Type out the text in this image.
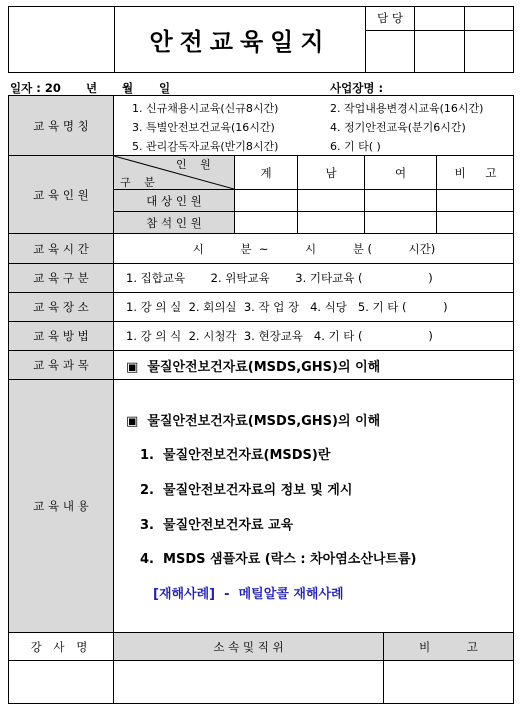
안전교육일지
담 당
일자 : 20 년 월 일	사업장명 :
교 육 명 칭
1. 신규채용시교육(신규8시간)	2. 작업내용변경시교육(16시간)
3. 특별안전보건교육(16시간)	4. 정기안전교육(분기6시간)
5. 관리감독자교육(반기8시간)	6. 기 타( )
교 육 인 원
인 원
구 분
계	남	여	비 고
대 상 인 원
참 석 인 원
교 육 시 간	시          분  ~          시          분 (          시간)
교 육 구 분	1. 집합교육       2. 위탁교육       3. 기타교육 (                  )
교 육 장 소	1. 강 의 실  2. 회의실  3. 작 업 장   4. 식당   5. 기 타 (          )
교 육 방 법	1. 강 의 식  2. 시청각  3. 현장교육   4. 기 타 (                  )
교 육 과 목	▣  물질안전보건자료(MSDS,GHS)의 이해
교 육 내 용
▣  물질안전보건자료(MSDS,GHS)의 이해
1.  물질안전보건자료(MSDS)란
2.  물질안전보건자료의 정보 및 게시
3.  물질안전보건자료 교육
4.  MSDS 샘플자료 (락스 : 차아염소산나트륨)
[재해사례]  -  메틸알콜 재해사례
강 사 명	소 속 및 직 위	비          고
